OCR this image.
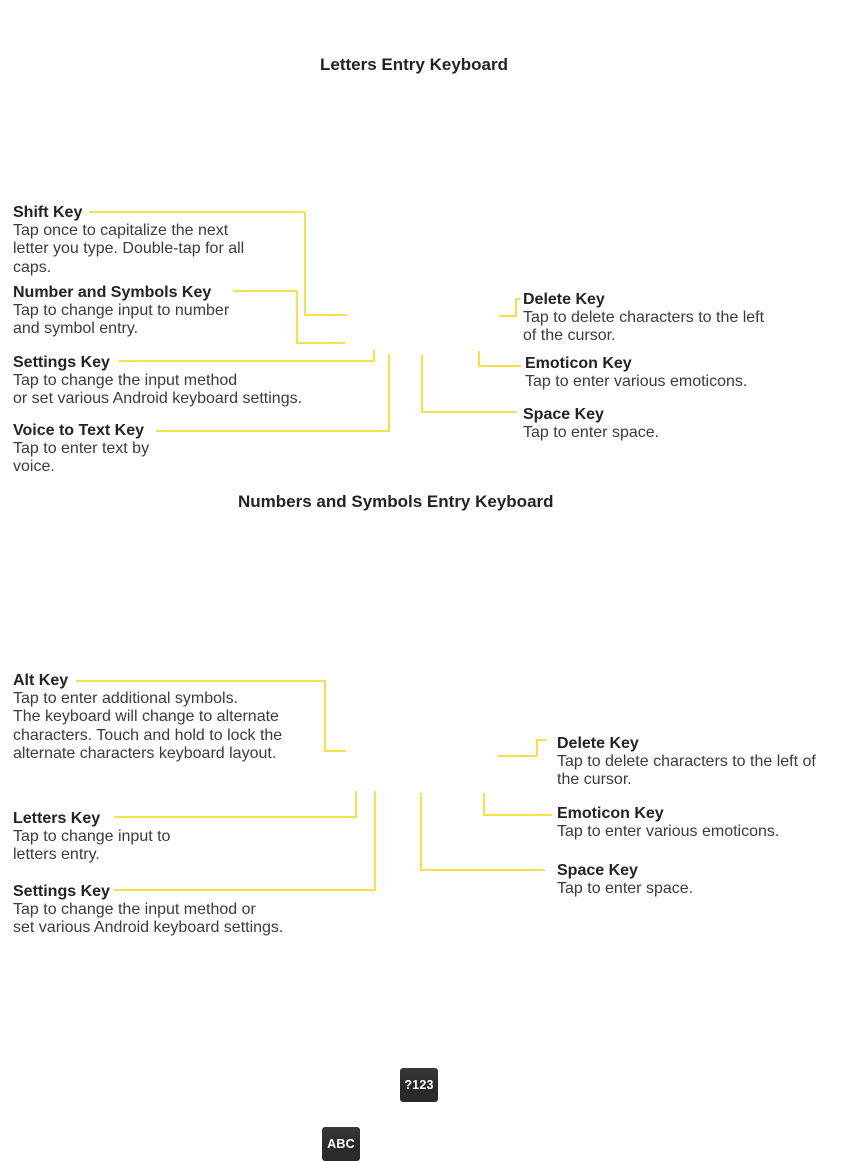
Letters Entry Keyboard
Shift Key
Tap once to capitalize the next
letter you type. Double-tap for all
caps.
Number and Symbols Key
Tap to change input to number
and symbol entry.
Settings Key
Tap to change the input method
or set various Android keyboard settings.
Voice to Text Key
Tap to enter text by
voice.
Delete Key
Tap to delete characters to the left
of the cursor.
Emoticon Key
Tap to enter various emoticons.
Space Key
Tap to enter space.
Numbers and Symbols Entry Keyboard
Alt Key
Tap to enter additional symbols.
The keyboard will change to alternate
characters. Touch and hold to lock the
alternate characters keyboard layout.
Letters Key
Tap to change input to
letters entry.
Settings Key
Tap to change the input method or
set various Android keyboard settings.
Delete Key
Tap to delete characters to the left of
the cursor.
Emoticon Key
Tap to enter various emoticons.
Space Key
Tap to enter space.
?123
ABC
